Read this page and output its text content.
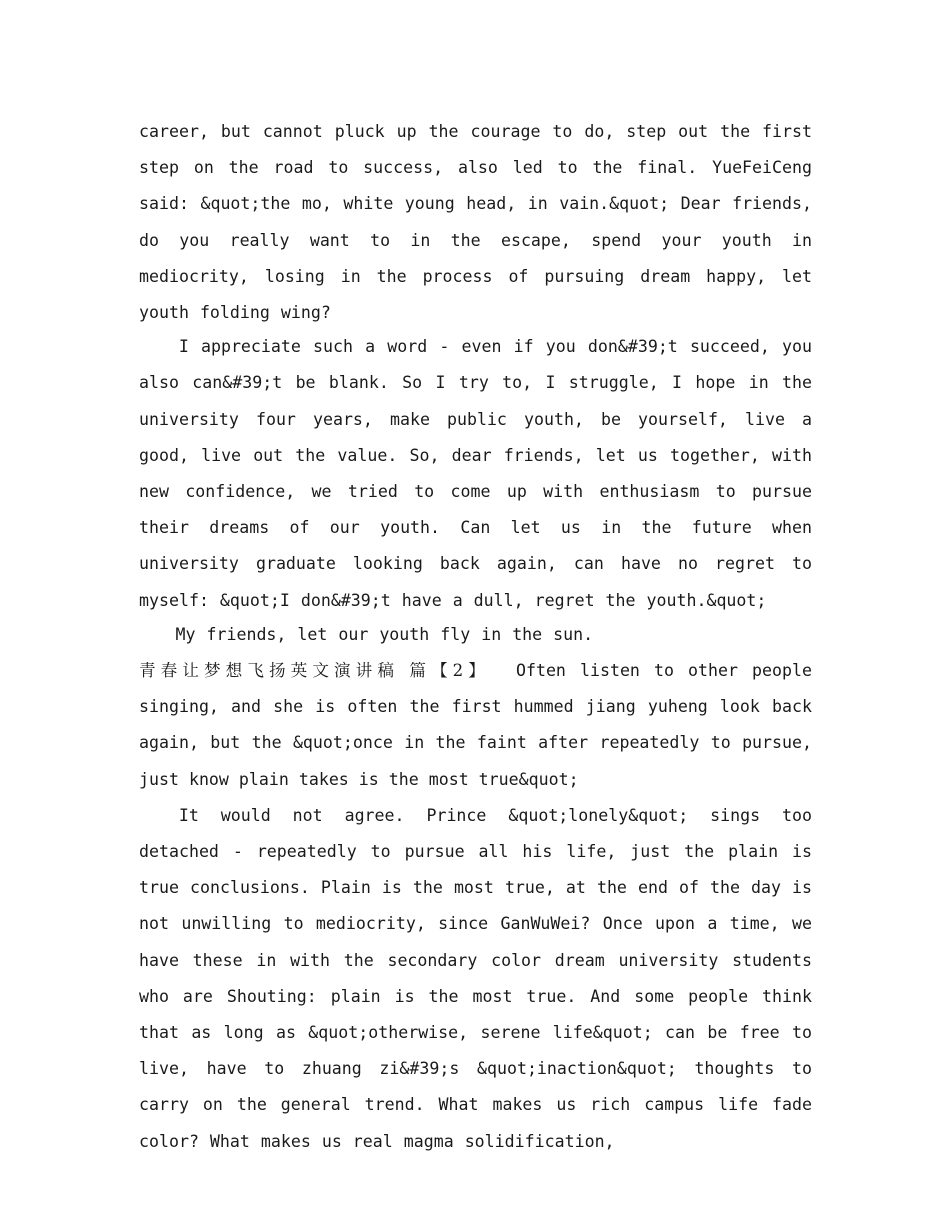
career, but cannot pluck up the courage to do, step out the first step on the road to success, also led to the final. YueFeiCeng said: &quot;the mo, white young head, in vain.&quot; Dear friends, do you really want to in the escape, spend your youth in mediocrity, losing in the process of pursuing dream happy, let youth folding wing?

I appreciate such a word - even if you don&#39;t succeed, you also can&#39;t be blank. So I try to, I struggle, I hope in the university four years, make public youth, be yourself, live a good, live out the value. So, dear friends, let us together, with new confidence, we tried to come up with enthusiasm to pursue their dreams of our youth. Can let us in the future when university graduate looking back again, can have no regret to myself: &quot;I don&#39;t have a dull, regret the youth.&quot;

My friends, let our youth fly in the sun.

青春让梦想飞扬英文演讲稿 篇【2】 Often listen to other people singing, and she is often the first hummed jiang yuheng look back again, but the &quot;once in the faint after repeatedly to pursue, just know plain takes is the most true&quot;

It would not agree. Prince &quot;lonely&quot; sings too detached - repeatedly to pursue all his life, just the plain is true conclusions. Plain is the most true, at the end of the day is not unwilling to mediocrity, since GanWuWei? Once upon a time, we have these in with the secondary color dream university students who are Shouting: plain is the most true. And some people think that as long as &quot;otherwise, serene life&quot; can be free to live, have to zhuang zi&#39;s &quot;inaction&quot; thoughts to carry on the general trend. What makes us rich campus life fade color? What makes us real magma solidification,
